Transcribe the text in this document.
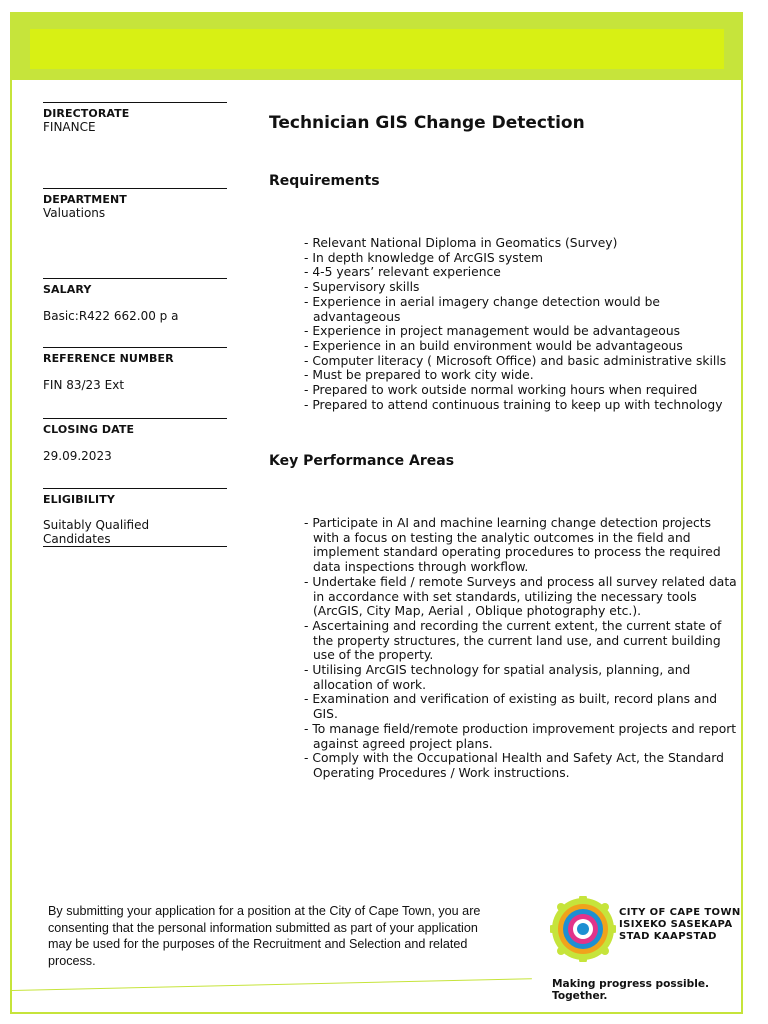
DIRECTORATE
FINANCE
DEPARTMENT
Valuations
SALARY
Basic:R422 662.00 p a
REFERENCE NUMBER
FIN 83/23 Ext
CLOSING DATE
29.09.2023
ELIGIBILITY
Suitably Qualified
Candidates
Technician GIS Change Detection
Requirements
- Relevant National Diploma in Geomatics (Survey)
- In depth knowledge of ArcGIS system
- 4-5 years’ relevant experience
- Supervisory skills
- Experience in aerial imagery change detection would be advantageous
- Experience in project management would be advantageous
- Experience in an build environment would be advantageous
- Computer literacy ( Microsoft Office) and basic administrative skills
- Must be prepared to work city wide.
- Prepared to work outside normal working hours when required
- Prepared to attend continuous training to keep up with technology
Key Performance Areas
- Participate in AI and machine learning change detection projects with a focus on testing the analytic outcomes in the field and implement standard operating procedures to process the required data inspections through workflow.
- Undertake field / remote Surveys and process all survey related data in accordance with set standards, utilizing the necessary tools (ArcGIS, City Map, Aerial , Oblique photography etc.).
- Ascertaining and recording the current extent, the current state of the property structures, the current land use, and current building use of the property.
- Utilising ArcGIS technology for spatial analysis, planning, and allocation of work.
- Examination and verification of existing as built, record plans and GIS.
- To manage field/remote production improvement projects and report against agreed project plans.
- Comply with the Occupational Health and Safety Act, the Standard Operating Procedures / Work instructions.
By submitting your application for a position at the City of Cape Town, you are consenting that the personal information submitted as part of your application may be used for the purposes of the Recruitment and Selection and related process.
CITY OF CAPE TOWN
ISIXEKO SASEKAPA
STAD KAAPSTAD
Making progress possible. Together.
